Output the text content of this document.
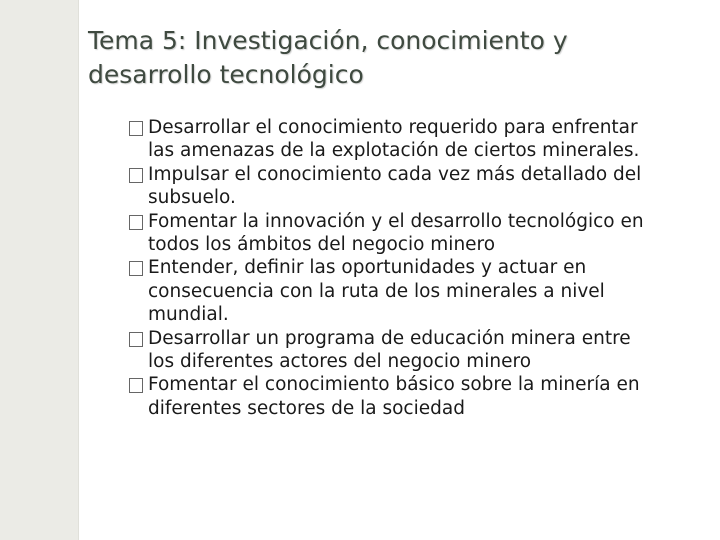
Tema 5: Investigación, conocimiento y
desarrollo tecnológico
Desarrollar el conocimiento requerido para enfrentar
las amenazas de la explotación de ciertos minerales.
Impulsar el conocimiento cada vez más detallado del
subsuelo.
Fomentar la innovación y el desarrollo tecnológico en
todos los ámbitos del negocio minero
Entender, definir las oportunidades y actuar en
consecuencia con la ruta de los minerales a nivel
mundial.
Desarrollar un programa de educación minera entre
los diferentes actores del negocio minero
Fomentar el conocimiento básico sobre la minería en
diferentes sectores de la sociedad
